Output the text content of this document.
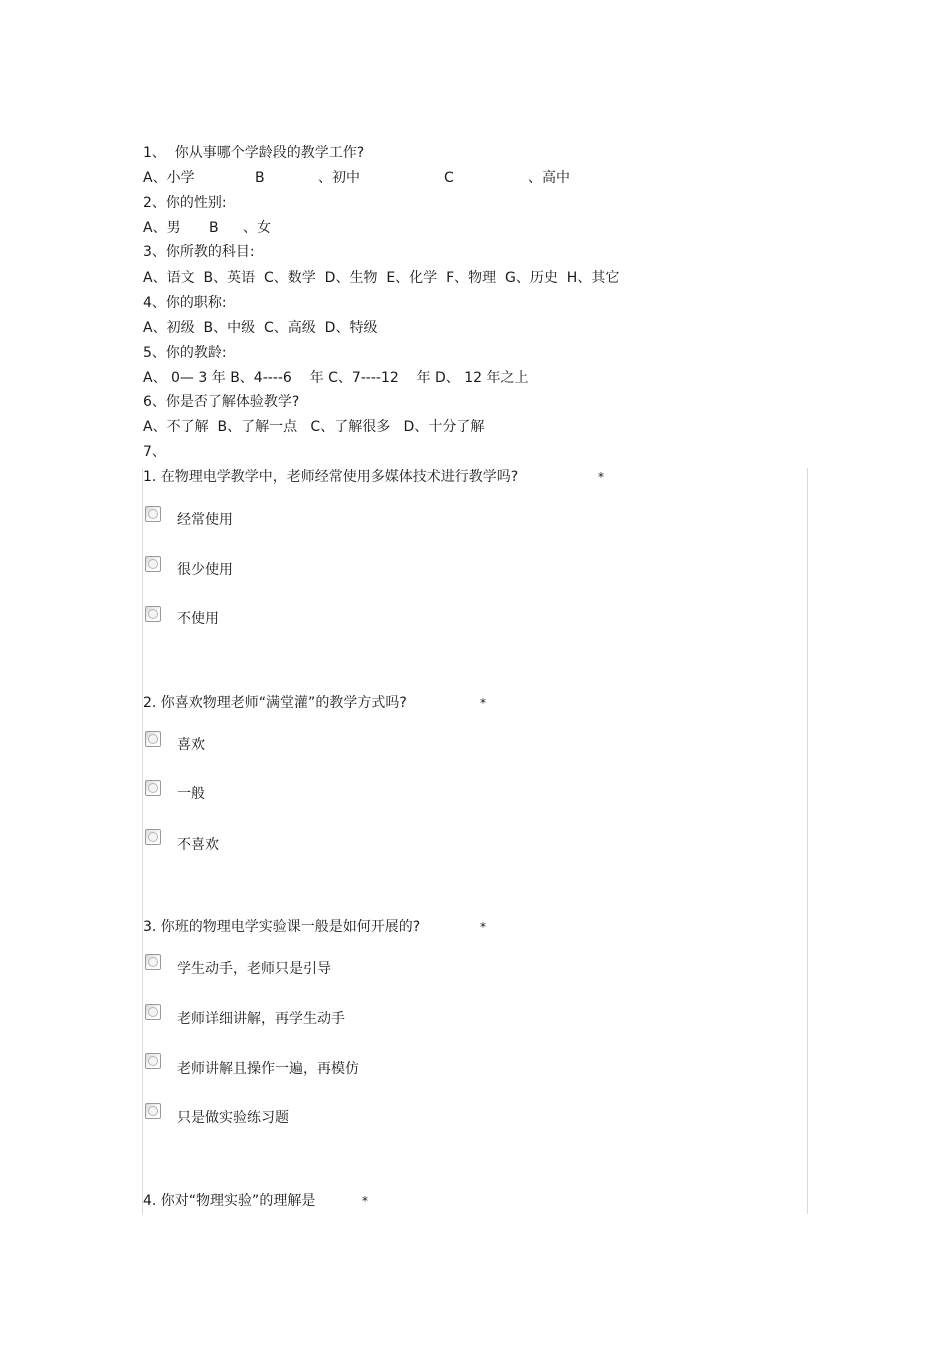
1、  你从事哪个学龄段的教学工作?
A、小学	B	、初中	C	、高中
2、你的性别:
A、男 B 、女
3、你所教的科目:
A、语文  B、英语  C、数学  D、生物  E、化学  F、物理  G、历史  H、其它
4、你的职称:
A、初级  B、中级  C、高级  D、特级
5、你的教龄:
A、 0— 3 年 B、4----6    年 C、7----12    年 D、 12 年之上
6、你是否了解体验教学?
A、不了解  B、了解一点   C、了解很多   D、十分了解
7、
1. 在物理电学教学中，老师经常使用多媒体技术进行教学吗?	*
经常使用
很少使用
不使用
2. 你喜欢物理老师“满堂灌”的教学方式吗?	*
喜欢
一般
不喜欢
3. 你班的物理电学实验课一般是如何开展的?	*
学生动手，老师只是引导
老师详细讲解，再学生动手
老师讲解且操作一遍，再模仿
只是做实验练习题
4. 你对“物理实验”的理解是	*
